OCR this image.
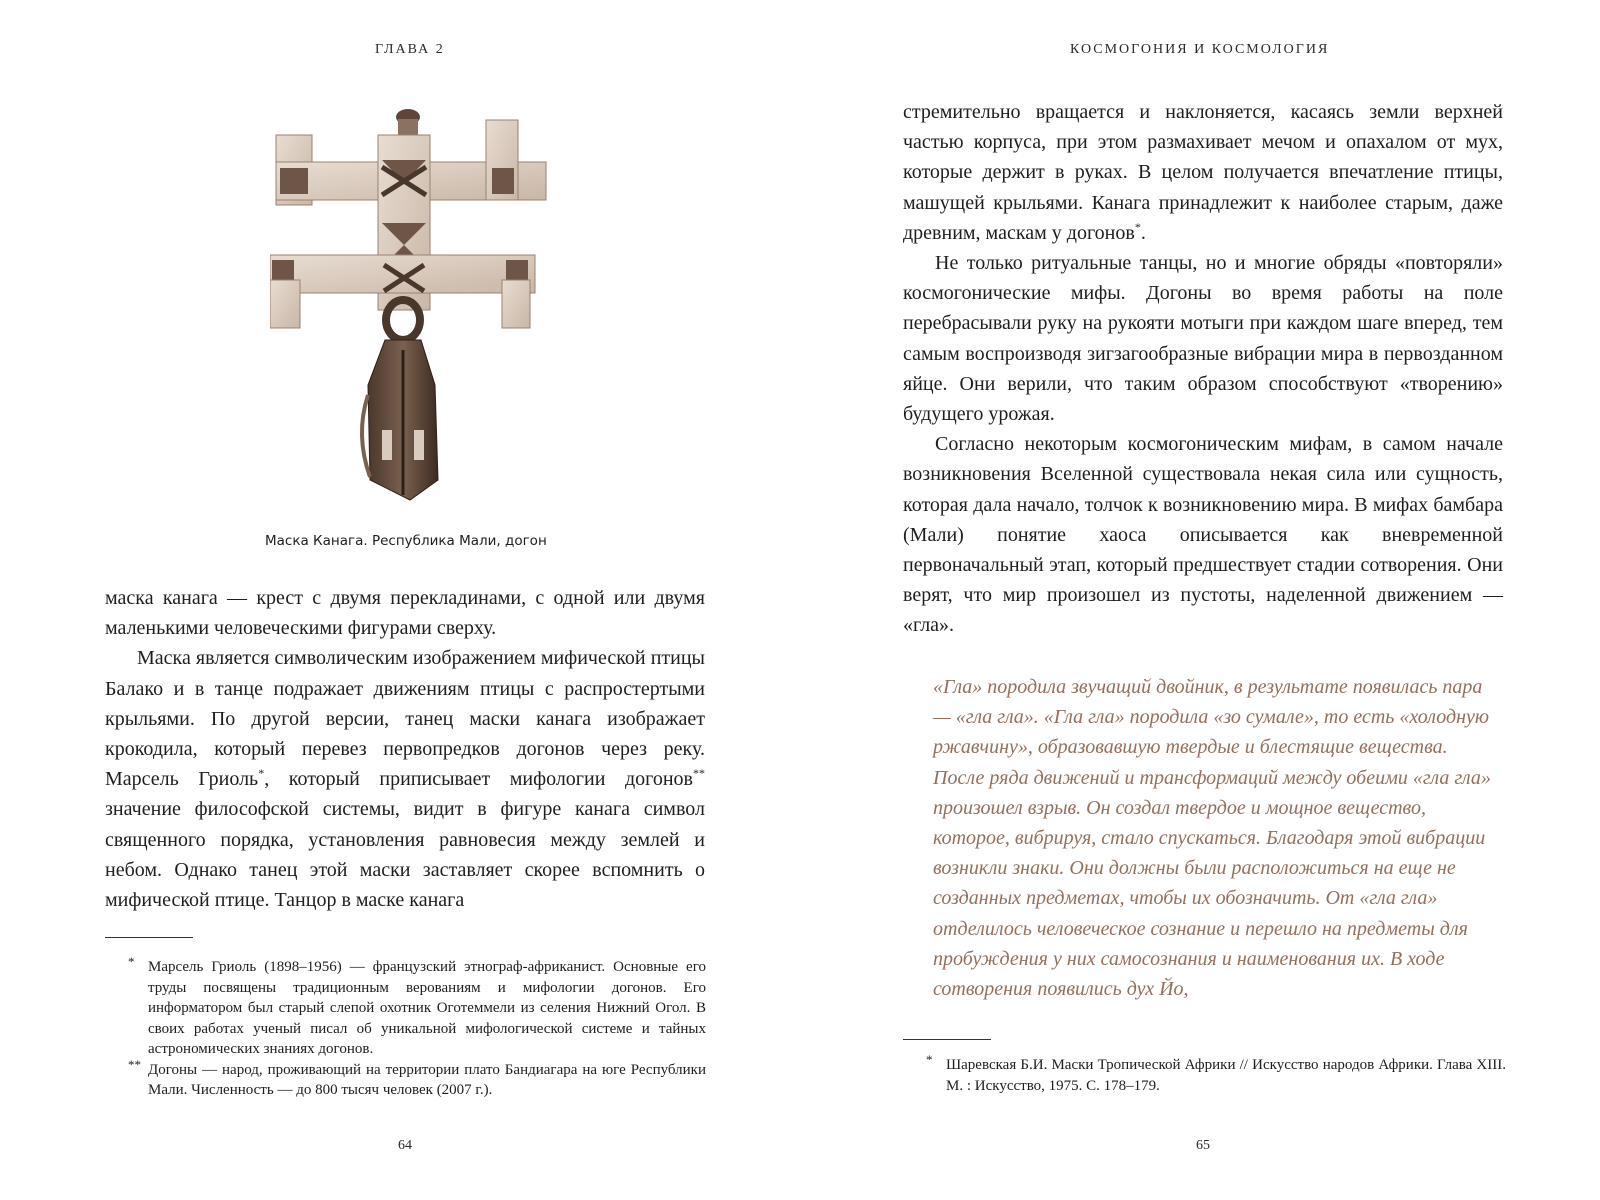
ГЛАВА 2
Маска Канага. Республика Мали, догон

маска канага — крест с двумя перекладинами, с одной или двумя маленькими человеческими фигурами сверху.

Маска является символическим изображением мифической птицы Балако и в танце подражает движениям птицы с распростертыми крыльями. По другой версии, танец маски канага изображает крокодила, который перевез первопредков догонов через реку. Марсель Гриоль*, который приписывает мифологии догонов** значение философской системы, видит в фигуре канага символ священного порядка, установления равновесия между землей и небом. Однако танец этой маски заставляет скорее вспомнить о мифической птице. Танцор в маске канага

* Марсель Гриоль (1898–1956) — французский этнограф-африканист. Основные его труды посвящены традиционным верованиям и мифологии догонов. Его информатором был старый слепой охотник Оготеммели из селения Нижний Огол. В своих работах ученый писал об уникальной мифологической системе и тайных астрономических знаниях догонов.
** Догоны — народ, проживающий на территории плато Бандиагара на юге Республики Мали. Численность — до 800 тысяч человек (2007 г.).
64
КОСМОГОНИЯ И КОСМОЛОГИЯ

стремительно вращается и наклоняется, касаясь земли верхней частью корпуса, при этом размахивает мечом и опахалом от мух, которые держит в руках. В целом получается впечатление птицы, машущей крыльями. Канага принадлежит к наиболее старым, даже древним, маскам у догонов*.

Не только ритуальные танцы, но и многие обряды «повторяли» космогонические мифы. Догоны во время работы на поле перебрасывали руку на рукояти мотыги при каждом шаге вперед, тем самым воспроизводя зигзагообразные вибрации мира в первозданном яйце. Они верили, что таким образом способствуют «творению» будущего урожая.

Согласно некоторым космогоническим мифам, в самом начале возникновения Вселенной существовала некая сила или сущность, которая дала начало, толчок к возникновению мира. В мифах бамбара (Мали) понятие хаоса описывается как вневременной первоначальный этап, который предшествует стадии сотворения. Они верят, что мир произошел из пустоты, наделенной движением — «гла».

«Гла» породила звучащий двойник, в результате появилась пара — «гла гла». «Гла гла» породила «зо сумале», то есть «холодную ржавчину», образовавшую твердые и блестящие вещества. После ряда движений и трансформаций между обеими «гла гла» произошел взрыв. Он создал твердое и мощное вещество, которое, вибрируя, стало спускаться. Благодаря этой вибрации возникли знаки. Они должны были расположиться на еще не созданных предметах, чтобы их обозначить. От «гла гла» отделилось человеческое сознание и перешло на предметы для пробуждения у них самосознания и наименования их. В ходе сотворения появились дух Йо,
* Шаревская Б.И. Маски Тропической Африки // Искусство народов Африки. Глава XIII. М. : Искусство, 1975. С. 178–179.
65
